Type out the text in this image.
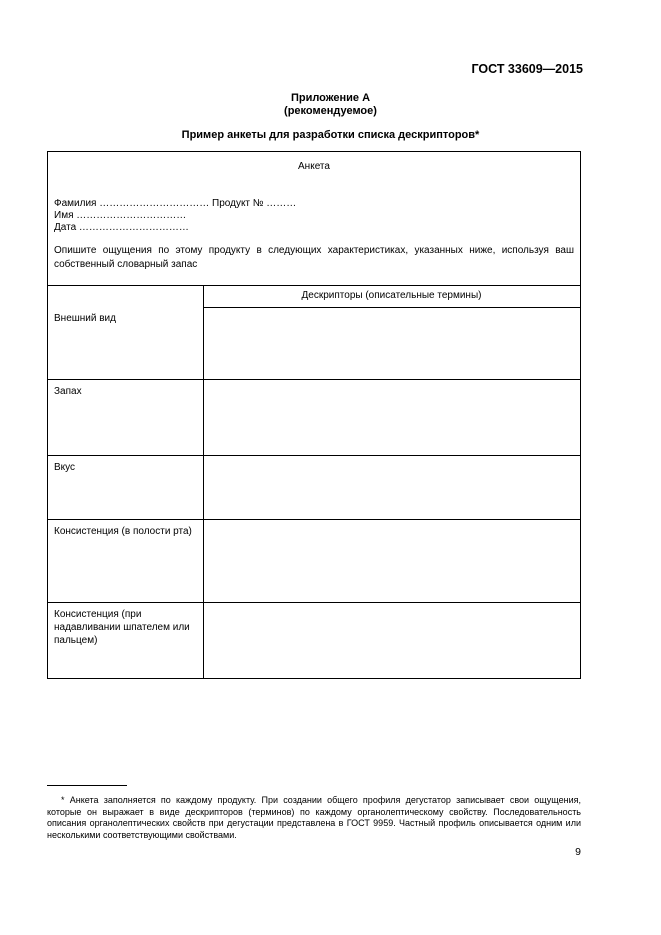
ГОСТ 33609—2015
Приложение А
(рекомендуемое)
Пример анкеты для разработки списка дескрипторов*
Анкета
Фамилия …………………………… Продукт № ………
Имя ……………………………
Дата ……………………………
Опишите ощущения по этому продукту в следующих характеристиках, указанных ниже, используя ваш собственный словарный запас
Дескрипторы (описательные термины)
Внешний вид
Запах
Вкус
Консистенция (в полости рта)
Консистенция (при надавливании шпателем или пальцем)
* Анкета заполняется по каждому продукту. При создании общего профиля дегустатор записывает свои ощущения, которые он выражает в виде дескрипторов (терминов) по каждому органолептическому свойству. Последовательность описания органолептических свойств при дегустации представлена в ГОСТ 9959. Частный профиль описывается одним или несколькими соответствующими свойствами.
9
